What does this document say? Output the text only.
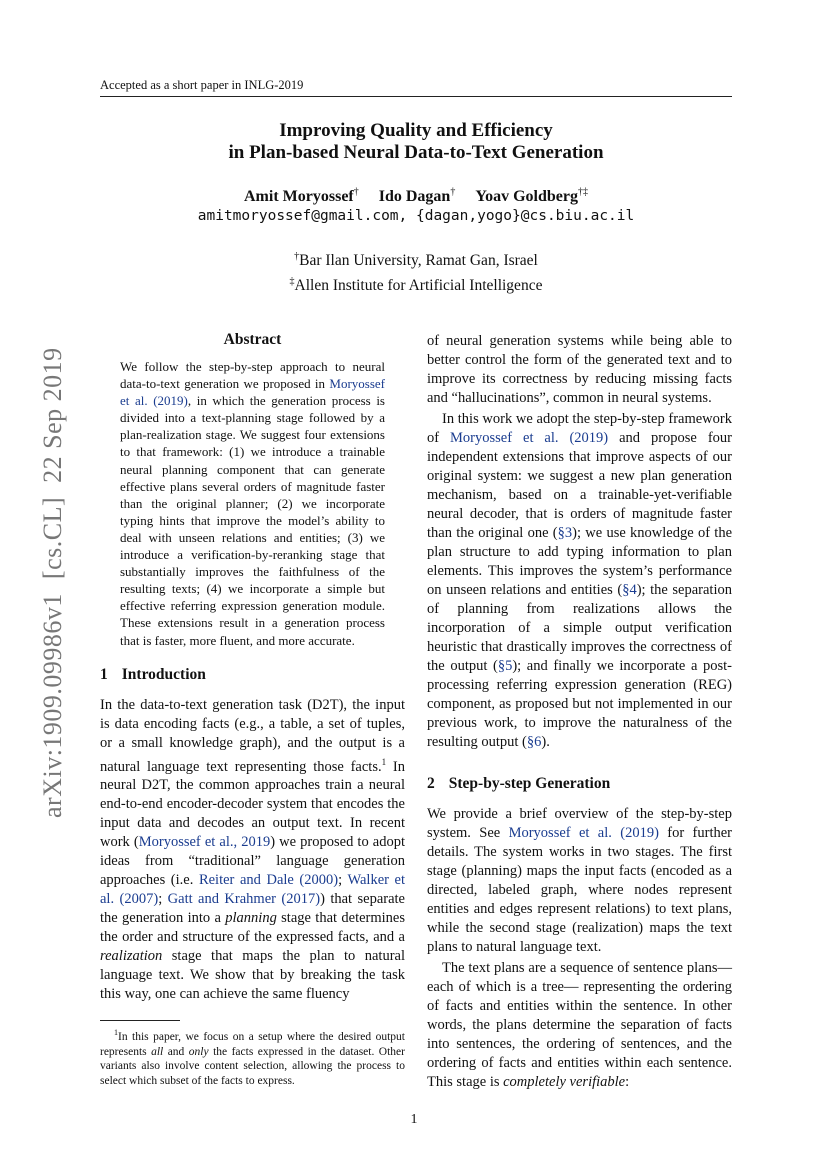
Accepted as a short paper in INLG-2019
Improving Quality and Efficiency
in Plan-based Neural Data-to-Text Generation
Amit Moryossef† Ido Dagan† Yoav Goldberg†‡
amitmoryossef@gmail.com, {dagan,yogo}@cs.biu.ac.il
†Bar Ilan University, Ramat Gan, Israel
‡Allen Institute for Artificial Intelligence
arXiv:1909.09986v1  [cs.CL]  22 Sep 2019
Abstract
We follow the step-by-step approach to neural data-to-text generation we proposed in Moryossef et al. (2019), in which the generation process is divided into a text-planning stage followed by a plan-realization stage. We suggest four extensions to that framework: (1) we introduce a trainable neural planning component that can generate effective plans several orders of magnitude faster than the original planner; (2) we incorporate typing hints that improve the model’s ability to deal with unseen relations and entities; (3) we introduce a verification-by-reranking stage that substantially improves the faithfulness of the resulting texts; (4) we incorporate a simple but effective referring expression generation module. These extensions result in a generation process that is faster, more fluent, and more accurate.
1 Introduction

In the data-to-text generation task (D2T), the input is data encoding facts (e.g., a table, a set of tuples, or a small knowledge graph), and the output is a natural language text representing those facts.$^1$ In neural D2T, the common approaches train a neural end-to-end encoder-decoder system that encodes the input data and decodes an output text. In recent work (Moryossef et al., 2019) we proposed to adopt ideas from “traditional” language generation approaches (i.e. Reiter and Dale (2000); Walker et al. (2007); Gatt and Krahmer (2017)) that separate the generation into a planning stage that determines the order and structure of the expressed facts, and a realization stage that maps the plan to natural language text. We show that by breaking the task this way, one can achieve the same fluency

$^1$In this paper, we focus on a setup where the desired output represents all and only the facts expressed in the dataset. Other variants also involve content selection, allowing the process to select which subset of the facts to express.

of neural generation systems while being able to better control the form of the generated text and to improve its correctness by reducing missing facts and “hallucinations”, common in neural systems.

In this work we adopt the step-by-step framework of Moryossef et al. (2019) and propose four independent extensions that improve aspects of our original system: we suggest a new plan generation mechanism, based on a trainable-yet-verifiable neural decoder, that is orders of magnitude faster than the original one (§3); we use knowledge of the plan structure to add typing information to plan elements. This improves the system’s performance on unseen relations and entities (§4); the separation of planning from realizations allows the incorporation of a simple output verification heuristic that drastically improves the correctness of the output (§5); and finally we incorporate a post-processing referring expression generation (REG) component, as proposed but not implemented in our previous work, to improve the naturalness of the resulting output (§6).

2 Step-by-step Generation

We provide a brief overview of the step-by-step system. See Moryossef et al. (2019) for further details. The system works in two stages. The first stage (planning) maps the input facts (encoded as a directed, labeled graph, where nodes represent entities and edges represent relations) to text plans, while the second stage (realization) maps the text plans to natural language text.

The text plans are a sequence of sentence plans—each of which is a tree— representing the ordering of facts and entities within the sentence. In other words, the plans determine the separation of facts into sentences, the ordering of sentences, and the ordering of facts and entities within each sentence. This stage is completely verifiable:

1
